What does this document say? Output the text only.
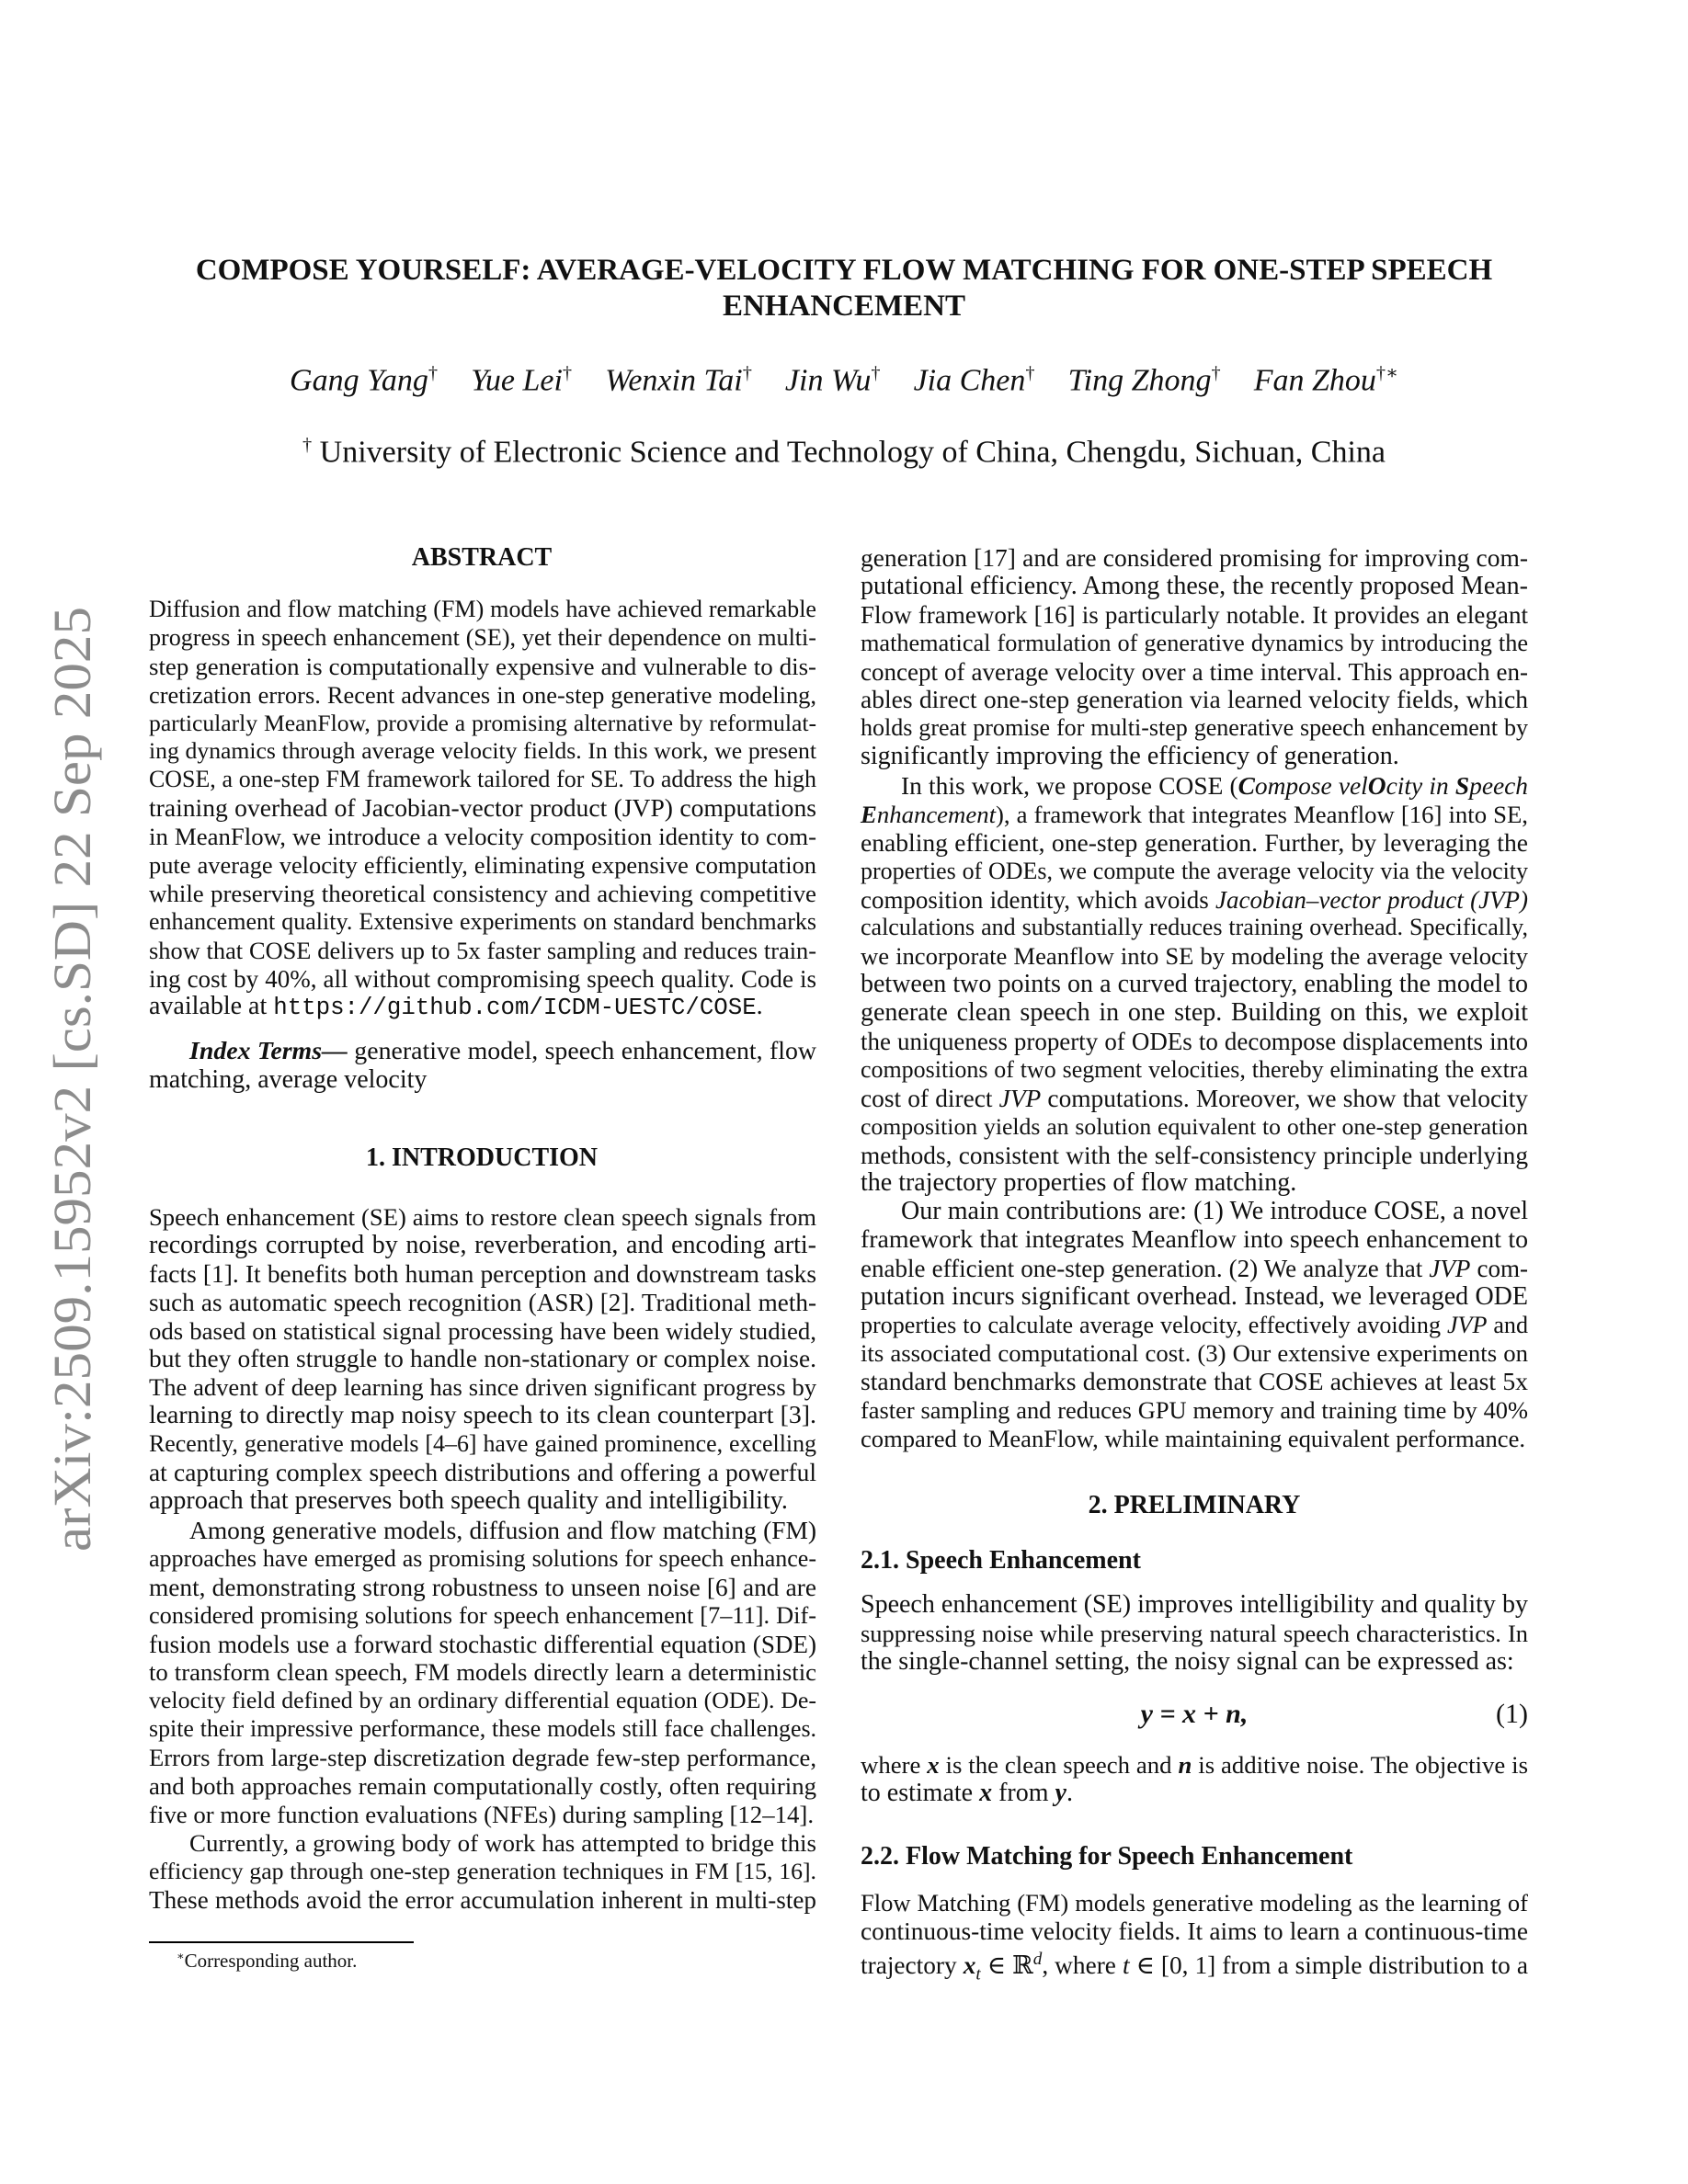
arXiv:2509.15952v2 [cs.SD] 22 Sep 2025
COMPOSE YOURSELF: AVERAGE-VELOCITY FLOW MATCHING FOR ONE-STEP SPEECH
ENHANCEMENT
Gang Yang† Yue Lei† Wenxin Tai† Jin Wu† Jia Chen† Ting Zhong† Fan Zhou†∗
† University of Electronic Science and Technology of China, Chengdu, Sichuan, China
ABSTRACT
Diffusion and flow matching (FM) models have achieved remarkable
progress in speech enhancement (SE), yet their dependence on multi-
step generation is computationally expensive and vulnerable to dis-
cretization errors. Recent advances in one-step generative modeling,
particularly MeanFlow, provide a promising alternative by reformulat-
ing dynamics through average velocity fields. In this work, we present
COSE, a one-step FM framework tailored for SE. To address the high
training overhead of Jacobian-vector product (JVP) computations
in MeanFlow, we introduce a velocity composition identity to com-
pute average velocity efficiently, eliminating expensive computation
while preserving theoretical consistency and achieving competitive
enhancement quality. Extensive experiments on standard benchmarks
show that COSE delivers up to 5x faster sampling and reduces train-
ing cost by 40%, all without compromising speech quality. Code is
available at https://github.com/ICDM-UESTC/COSE.
Index Terms— generative model, speech enhancement, flow
matching, average velocity
1. INTRODUCTION
Speech enhancement (SE) aims to restore clean speech signals from
recordings corrupted by noise, reverberation, and encoding arti-
facts [1]. It benefits both human perception and downstream tasks
such as automatic speech recognition (ASR) [2]. Traditional meth-
ods based on statistical signal processing have been widely studied,
but they often struggle to handle non-stationary or complex noise.
The advent of deep learning has since driven significant progress by
learning to directly map noisy speech to its clean counterpart [3].
Recently, generative models [4–6] have gained prominence, excelling
at capturing complex speech distributions and offering a powerful
approach that preserves both speech quality and intelligibility.
Among generative models, diffusion and flow matching (FM)
approaches have emerged as promising solutions for speech enhance-
ment, demonstrating strong robustness to unseen noise [6] and are
considered promising solutions for speech enhancement [7–11]. Dif-
fusion models use a forward stochastic differential equation (SDE)
to transform clean speech, FM models directly learn a deterministic
velocity field defined by an ordinary differential equation (ODE). De-
spite their impressive performance, these models still face challenges.
Errors from large-step discretization degrade few-step performance,
and both approaches remain computationally costly, often requiring
five or more function evaluations (NFEs) during sampling [12–14].
Currently, a growing body of work has attempted to bridge this
efficiency gap through one-step generation techniques in FM [15, 16].
These methods avoid the error accumulation inherent in multi-step
∗Corresponding author.
generation [17] and are considered promising for improving com-
putational efficiency. Among these, the recently proposed Mean-
Flow framework [16] is particularly notable. It provides an elegant
mathematical formulation of generative dynamics by introducing the
concept of average velocity over a time interval. This approach en-
ables direct one-step generation via learned velocity fields, which
holds great promise for multi-step generative speech enhancement by
significantly improving the efficiency of generation.
In this work, we propose COSE (Compose velOcity in Speech
Enhancement), a framework that integrates Meanflow [16] into SE,
enabling efficient, one-step generation. Further, by leveraging the
properties of ODEs, we compute the average velocity via the velocity
composition identity, which avoids Jacobian–vector product (JVP)
calculations and substantially reduces training overhead. Specifically,
we incorporate Meanflow into SE by modeling the average velocity
between two points on a curved trajectory, enabling the model to
generate clean speech in one step. Building on this, we exploit
the uniqueness property of ODEs to decompose displacements into
compositions of two segment velocities, thereby eliminating the extra
cost of direct JVP computations. Moreover, we show that velocity
composition yields an solution equivalent to other one-step generation
methods, consistent with the self-consistency principle underlying
the trajectory properties of flow matching.
Our main contributions are: (1) We introduce COSE, a novel
framework that integrates Meanflow into speech enhancement to
enable efficient one-step generation. (2) We analyze that JVP com-
putation incurs significant overhead. Instead, we leveraged ODE
properties to calculate average velocity, effectively avoiding JVP and
its associated computational cost. (3) Our extensive experiments on
standard benchmarks demonstrate that COSE achieves at least 5x
faster sampling and reduces GPU memory and training time by 40%
compared to MeanFlow, while maintaining equivalent performance.
2. PRELIMINARY
2.1. Speech Enhancement
Speech enhancement (SE) improves intelligibility and quality by
suppressing noise while preserving natural speech characteristics. In
the single-channel setting, the noisy signal can be expressed as:
y = x + n,	(1)
where x is the clean speech and n is additive noise. The objective is
to estimate x from y.
2.2. Flow Matching for Speech Enhancement
Flow Matching (FM) models generative modeling as the learning of
continuous-time velocity fields. It aims to learn a continuous-time
trajectory $x_t$ ∈ ℝ$^d$, where t ∈ [0, 1] from a simple distribution to a
